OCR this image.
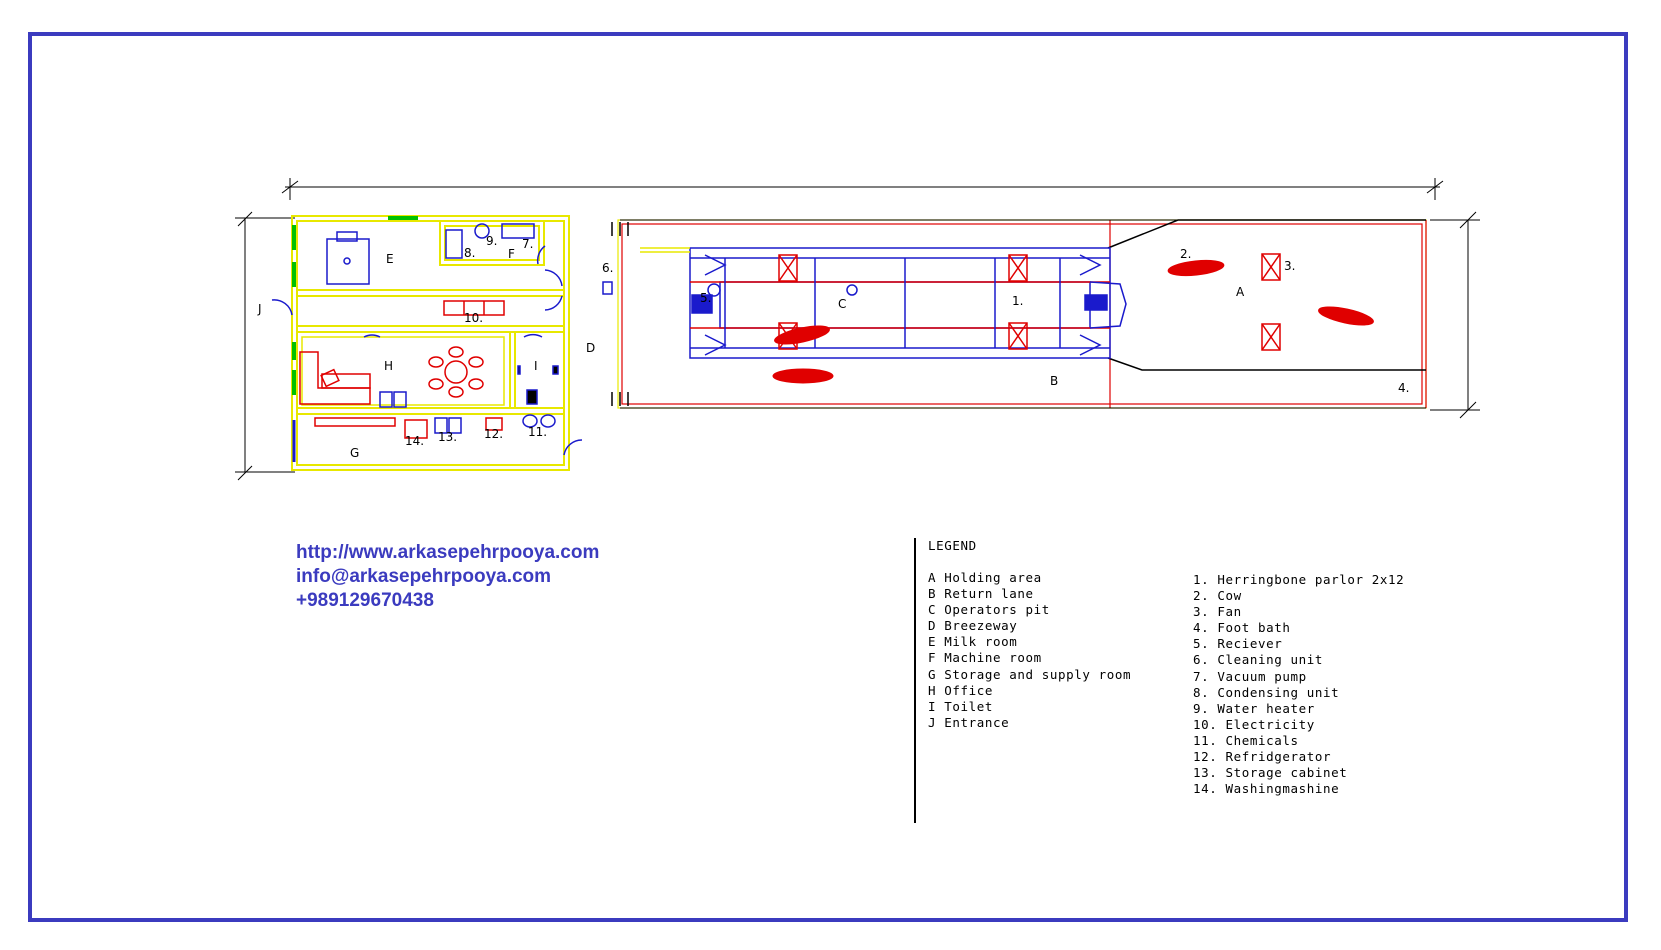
E	F
J
H	I
G
D
A
B
C	1.
2.
3.
4.
5.
6.
7.
8.
9.
10.
11.
12.
13.
14.
http://www.arkasepehrpooya.com
info@arkasepehrpooya.com
+989129670438
LEGEND
A Holding area
B Return lane
C Operators pit
D Breezeway
E Milk room
F Machine room
G Storage and supply room
H Office
I Toilet
J Entrance
1. Herringbone parlor 2x12
2. Cow
3. Fan
4. Foot bath
5. Reciever
6. Cleaning unit
7. Vacuum pump
8. Condensing unit
9. Water heater
10. Electricity
11. Chemicals
12. Refridgerator
13. Storage cabinet
14. Washingmashine
